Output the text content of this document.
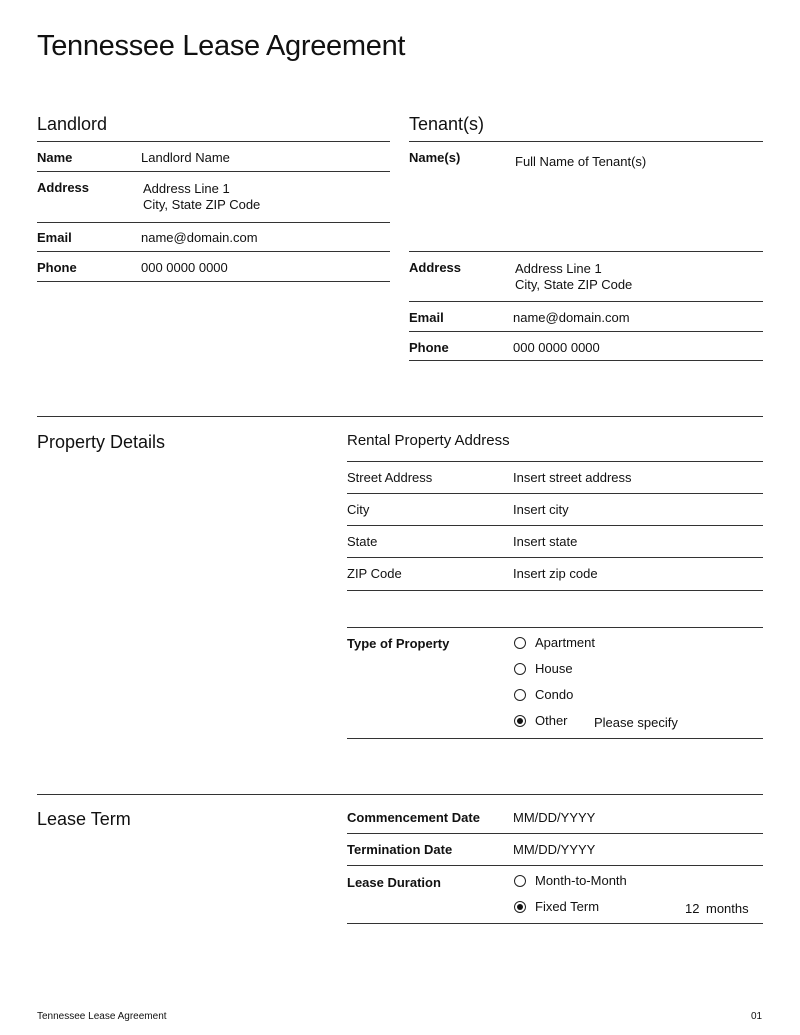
Tennessee Lease Agreement
Landlord
Name	Landlord Name
Address	Address Line 1
City, State ZIP Code
Email	name@domain.com
Phone	000 0000 0000
Tenant(s)
Name(s)	Full Name of Tenant(s)
Address	Address Line 1
City, State ZIP Code
Email	name@domain.com
Phone	000 0000 0000
Property Details	Rental Property Address
Street Address	Insert street address
City	Insert city
State	Insert state
ZIP Code	Insert zip code
Type of Property	Apartment
House
Condo
Other Please specify
Lease Term	Commencement Date	MM/DD/YYYY
Termination Date	MM/DD/YYYY
Lease Duration	Month-to-Month
Fixed Term	12 months
Tennessee Lease Agreement	01
